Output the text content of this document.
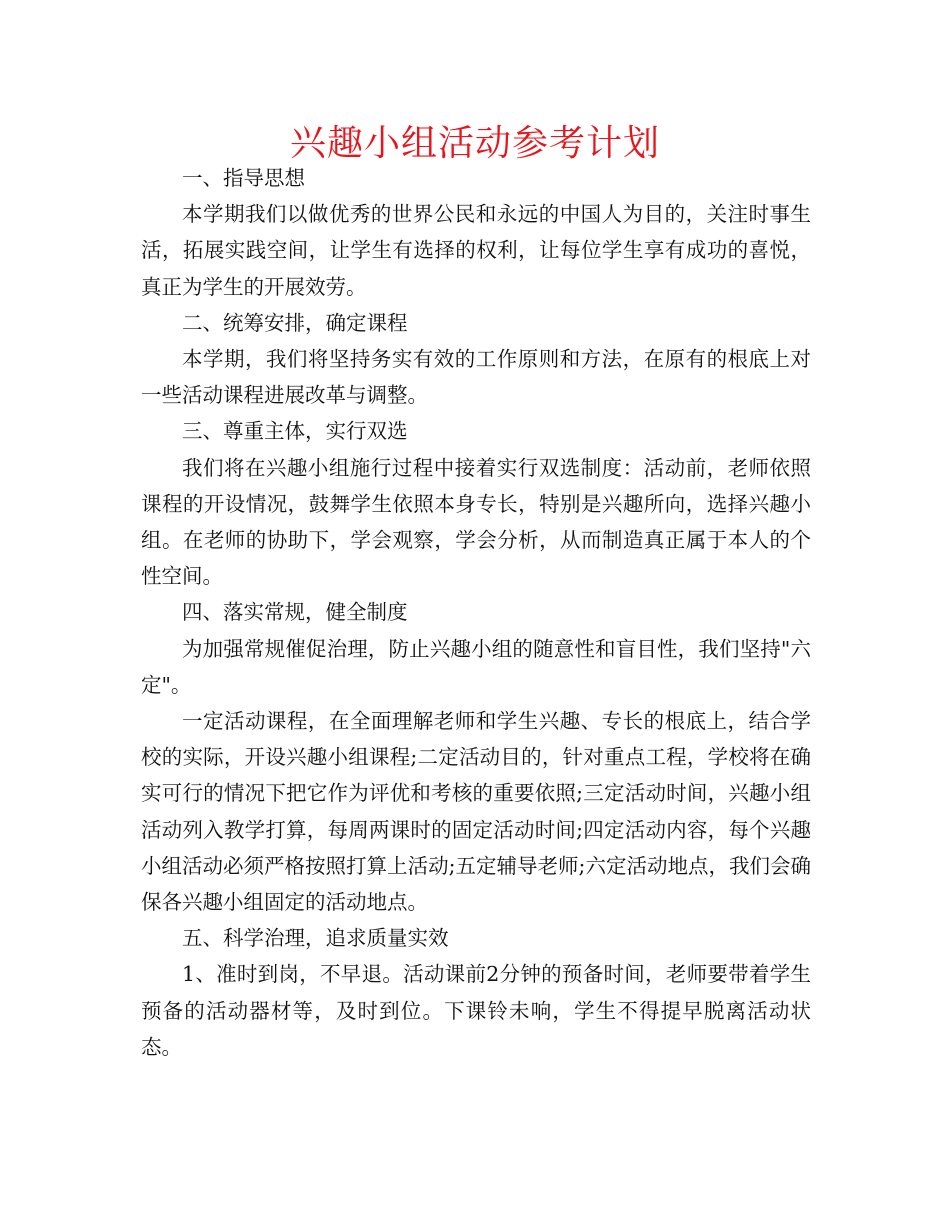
兴趣小组活动参考计划

一、指导思想

本学期我们以做优秀的世界公民和永远的中国人为目的，关注时事生活，拓展实践空间，让学生有选择的权利，让每位学生享有成功的喜悦，真正为学生的开展效劳。

二、统筹安排，确定课程

本学期，我们将坚持务实有效的工作原则和方法，在原有的根底上对一些活动课程进展改革与调整。

三、尊重主体，实行双选

我们将在兴趣小组施行过程中接着实行双选制度：活动前，老师依照课程的开设情况，鼓舞学生依照本身专长，特别是兴趣所向，选择兴趣小组。在老师的协助下，学会观察，学会分析，从而制造真正属于本人的个性空间。

四、落实常规，健全制度

为加强常规催促治理，防止兴趣小组的随意性和盲目性，我们坚持"六定"。

一定活动课程，在全面理解老师和学生兴趣、专长的根底上，结合学校的实际，开设兴趣小组课程;二定活动目的，针对重点工程，学校将在确实可行的情况下把它作为评优和考核的重要依照;三定活动时间，兴趣小组活动列入教学打算，每周两课时的固定活动时间;四定活动内容，每个兴趣小组活动必须严格按照打算上活动;五定辅导老师;六定活动地点，我们会确保各兴趣小组固定的活动地点。

五、科学治理，追求质量实效

1、准时到岗，不早退。活动课前2分钟的预备时间，老师要带着学生预备的活动器材等，及时到位。下课铃未响，学生不得提早脱离活动状态。
